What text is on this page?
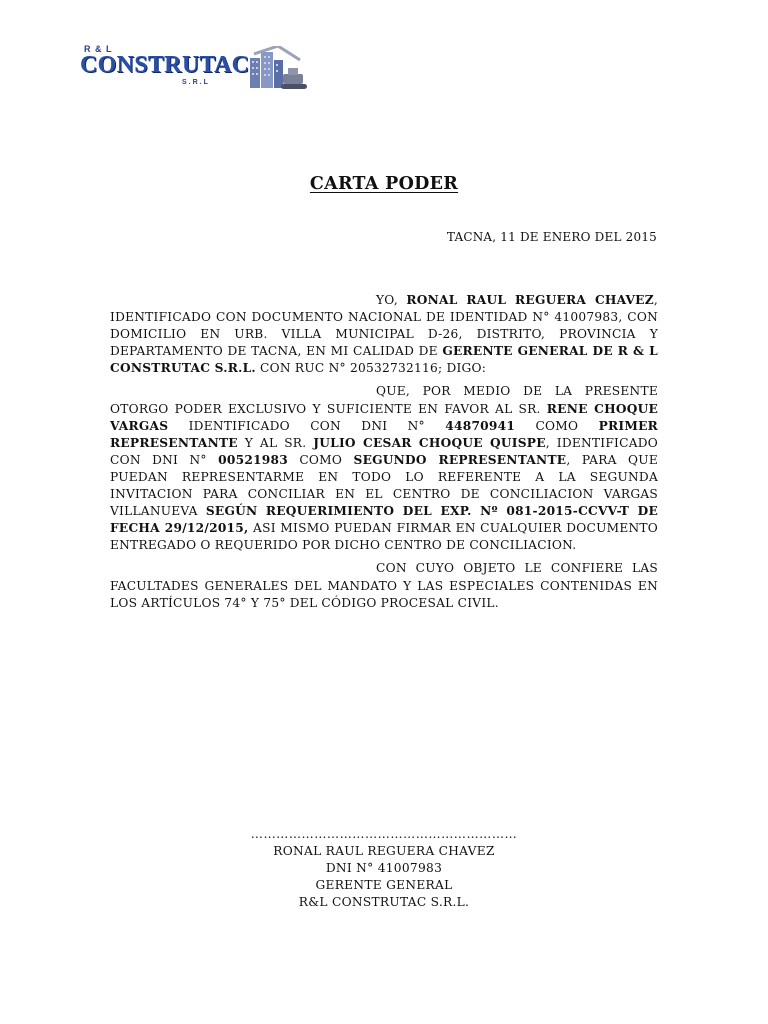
R & L
CONSTRUTAC
S.R.L
CARTA PODER
TACNA, 11 DE ENERO DEL 2015

YO, RONAL RAUL REGUERA CHAVEZ, IDENTIFICADO CON DOCUMENTO NACIONAL DE IDENTIDAD N° 41007983, CON DOMICILIO EN URB. VILLA MUNICIPAL D-26, DISTRITO, PROVINCIA Y DEPARTAMENTO DE TACNA, EN MI CALIDAD DE GERENTE GENERAL DE R & L CONSTRUTAC S.R.L. CON RUC N° 20532732116; DIGO:

QUE, POR MEDIO DE LA PRESENTE OTORGO PODER EXCLUSIVO Y SUFICIENTE EN FAVOR AL SR. RENE CHOQUE VARGAS IDENTIFICADO CON DNI N° 44870941 COMO PRIMER REPRESENTANTE Y AL SR. JULIO CESAR CHOQUE QUISPE, IDENTIFICADO CON DNI N° 00521983 COMO SEGUNDO REPRESENTANTE, PARA QUE PUEDAN REPRESENTARME EN TODO LO REFERENTE A LA SEGUNDA INVITACION PARA CONCILIAR EN EL CENTRO DE CONCILIACION VARGAS VILLANUEVA SEGÚN REQUERIMIENTO DEL EXP. Nº 081-2015-CCVV-T DE FECHA 29/12/2015, ASI MISMO PUEDAN FIRMAR EN CUALQUIER DOCUMENTO ENTREGADO O REQUERIDO POR DICHO CENTRO DE CONCILIACION.

CON CUYO OBJETO LE CONFIERE LAS FACULTADES GENERALES DEL MANDATO Y LAS ESPECIALES CONTENIDAS EN LOS ARTÍCULOS 74° Y 75° DEL CÓDIGO PROCESAL CIVIL.

………………………………………………………
RONAL RAUL REGUERA CHAVEZ
DNI N° 41007983
GERENTE GENERAL
R&L CONSTRUTAC S.R.L.
